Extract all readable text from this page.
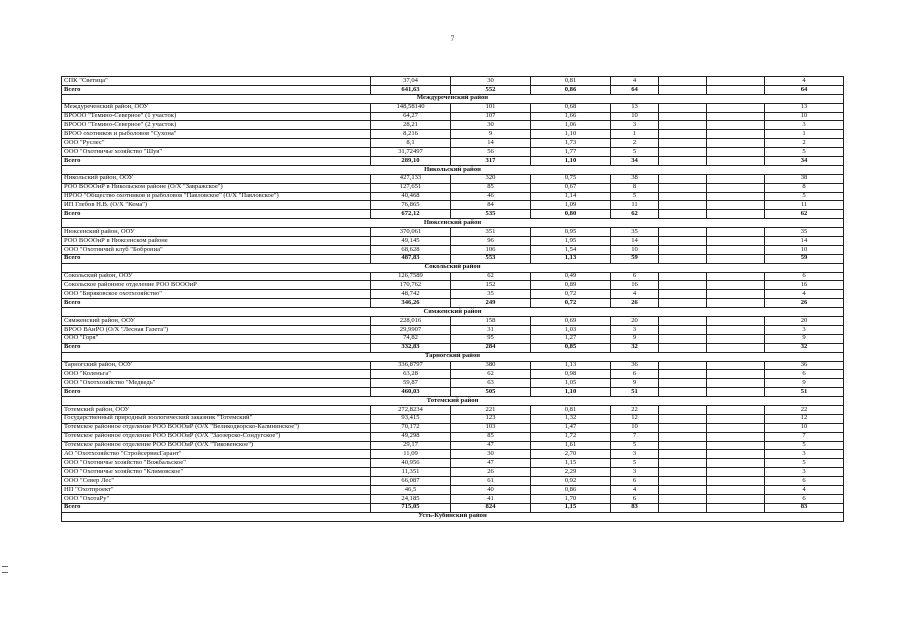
7
СПК "Светица"	37,04	30	0,81	4			4
Всего	641,63	552	0,86	64			64
Междуреченский район							
Междуреченский район, ООУ	148,58140	101	0,68	13			13
ВРООО "Темино-Северное" (1 участок)	64,27	107	1,66	10			10
ВРООО "Темино-Северное" (2 участок)	28,21	30	1,06	3			3
ВРОО охотников и рыболовов "Сухона"	8,216	9	1,10	1			1
ООО "Руслес"	8,1	14	1,73	2			2
ООО "Охотничье хозяйство "Шуя"	31,72497	56	1,77	5			5
Всего	289,10	317	1,10	34			34
Никольский район							
Никольский район, ООУ	427,133	320	0,75	38			38
РОО ВОООиР в Никольском районе (О/Х "Завражское")	127,651	85	0,67	8			8
НРОО "Общество охотников и рыболовов "Павловское" (О/Х "Павловское")	40,468	46	1,14	5			5
ИП Глебов Н.В. (О/Х "Кема")	76,865	84	1,09	11			11
Всего	672,12	535	0,80	62			62
Нюксенский район							
Нюксенский район, ООУ	370,061	351	0,95	35			35
РОО ВОООиР в Нюксенском районе	49,145	96	1,95	14			14
ООО "Охотничий клуб "Боброниа"	68,628	106	1,54	10			10
Всего	487,83	553	1,13	59			59
Сокольский район							
Сокольский район, ООУ	126,7589	62	0,49	6			6
Сокольское районное отделение РОО ВОООиР	170,762	152	0,89	16			16
ООО "Биряковское охотхозяйство"	48,742	35	0,72	4			4
Всего	346,26	249	0,72	26			26
Сямженский район							
Сямженский район, ООУ	228,016	158	0,69	20			20
ВРОО ВАиРО (О/Х "Лесная Газета")	29,9907	31	1,03	3			3
ООО "Горя"	74,82	95	1,27	9			9
Всего	332,83	284	0,85	32			32
Тарногский район							
Тарногский район, ООУ	336,8797	380	1,13	36			36
ООО "Коленьга"	63,28	62	0,98	6			6
ООО "Охотхозяйство "Медведь"	59,87	63	1,05	9			9
Всего	460,03	505	1,10	51			51
Тотемский район							
Тотемский район, ООУ	272,8234	221	0,81	22			22
Государственный природный зоологический заказник "Тотемский"	93,415	123	1,32	12			12
Тотемское районное отделение РОО ВОООиР (О/Х "Великодворско-Калининское")	70,172	103	1,47	10			10
Тотемское районное отделение РОО ВОООиР (О/Х "Заозерско-Сондугское")	49,298	85	1,72	7			7
Тотемское районное отделение РОО ВОООиР (О/Х "Тиковенское")	29,17	47	1,61	5			5
АО "Охотхозяйство "СтройсервисГарант"	11,09	30	2,70	3			3
ООО "Охотничье хозяйство "Вожбальское"	40,956	47	1,15	5			5
ООО "Охотничье хозяйство "Климовское"	11,351	26	2,29	3			3
ООО "Север Лес"	66,087	61	0,92	6			6
НП "Охотпроект"	46,5	40	0,86	4			4
ООО "ОхотаРу"	24,185	41	1,70	6			6
Всего	715,05	824	1,15	83			83
Усть-Кубинский район							
